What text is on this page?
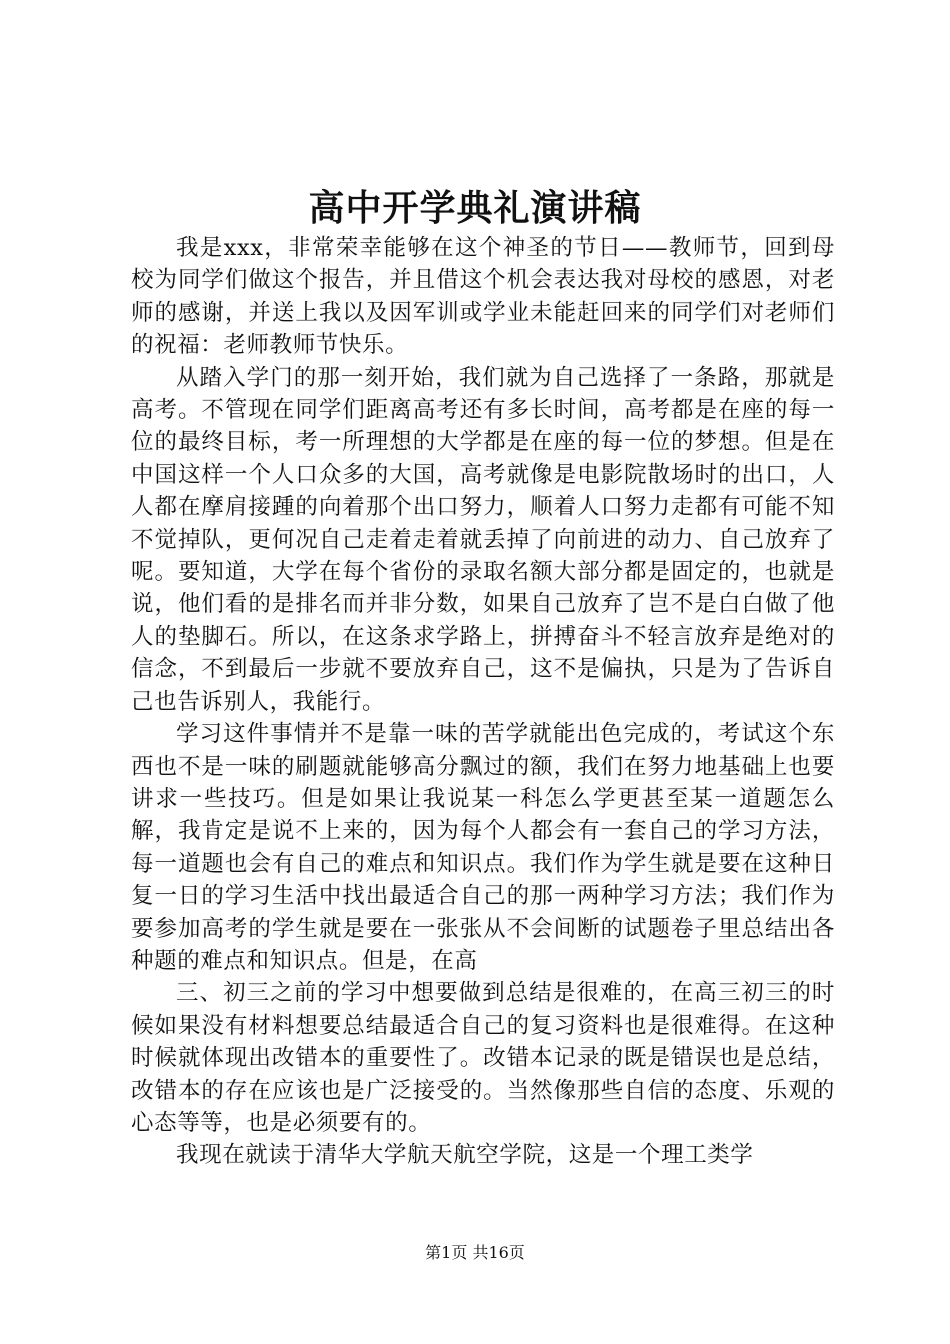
高中开学典礼演讲稿

我是xxx，非常荣幸能够在这个神圣的节日——教师节，回到母校为同学们做这个报告，并且借这个机会表达我对母校的感恩，对老师的感谢，并送上我以及因军训或学业未能赶回来的同学们对老师们的祝福：老师教师节快乐。

从踏入学门的那一刻开始，我们就为自己选择了一条路，那就是高考。不管现在同学们距离高考还有多长时间，高考都是在座的每一位的最终目标，考一所理想的大学都是在座的每一位的梦想。但是在中国这样一个人口众多的大国，高考就像是电影院散场时的出口，人人都在摩肩接踵的向着那个出口努力，顺着人口努力走都有可能不知不觉掉队，更何况自己走着走着就丢掉了向前进的动力、自己放弃了呢。要知道，大学在每个省份的录取名额大部分都是固定的，也就是说，他们看的是排名而并非分数，如果自己放弃了岂不是白白做了他人的垫脚石。所以，在这条求学路上，拼搏奋斗不轻言放弃是绝对的信念，不到最后一步就不要放弃自己，这不是偏执，只是为了告诉自己也告诉别人，我能行。

学习这件事情并不是靠一味的苦学就能出色完成的，考试这个东西也不是一味的刷题就能够高分飘过的额，我们在努力地基础上也要讲求一些技巧。但是如果让我说某一科怎么学更甚至某一道题怎么解，我肯定是说不上来的，因为每个人都会有一套自己的学习方法，每一道题也会有自己的难点和知识点。我们作为学生就是要在这种日复一日的学习生活中找出最适合自己的那一两种学习方法；我们作为要参加高考的学生就是要在一张张从不会间断的试题卷子里总结出各种题的难点和知识点。但是，在高

三、初三之前的学习中想要做到总结是很难的，在高三初三的时候如果没有材料想要总结最适合自己的复习资料也是很难得。在这种时候就体现出改错本的重要性了。改错本记录的既是错误也是总结，改错本的存在应该也是广泛接受的。当然像那些自信的态度、乐观的心态等等，也是必须要有的。

我现在就读于清华大学航天航空学院，这是一个理工类学

第1页 共16页
